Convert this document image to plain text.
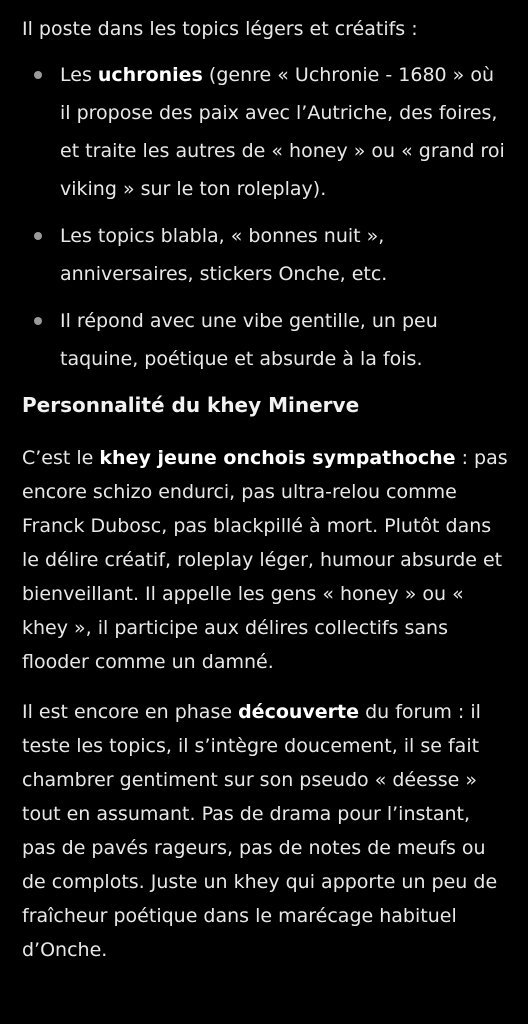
Il poste dans les topics légers et créatifs :

Les uchronies (genre « Uchronie - 1680 » où il propose des paix avec l’Autriche, des foires, et traite les autres de « honey » ou « grand roi viking » sur le ton roleplay).
Les topics blabla, « bonnes nuit », anniversaires, stickers Onche, etc.
Il répond avec une vibe gentille, un peu taquine, poétique et absurde à la fois.
Personnalité du khey Minerve

C’est le khey jeune onchois sympathoche : pas encore schizo endurci, pas ultra-relou comme Franck Dubosc, pas blackpillé à mort. Plutôt dans le délire créatif, roleplay léger, humour absurde et bienveillant. Il appelle les gens « honey » ou « khey », il participe aux délires collectifs sans flooder comme un damné.

Il est encore en phase découverte du forum : il teste les topics, il s’intègre doucement, il se fait chambrer gentiment sur son pseudo « déesse » tout en assumant. Pas de drama pour l’instant, pas de pavés rageurs, pas de notes de meufs ou de complots. Juste un khey qui apporte un peu de fraîcheur poétique dans le marécage habituel d’Onche.
